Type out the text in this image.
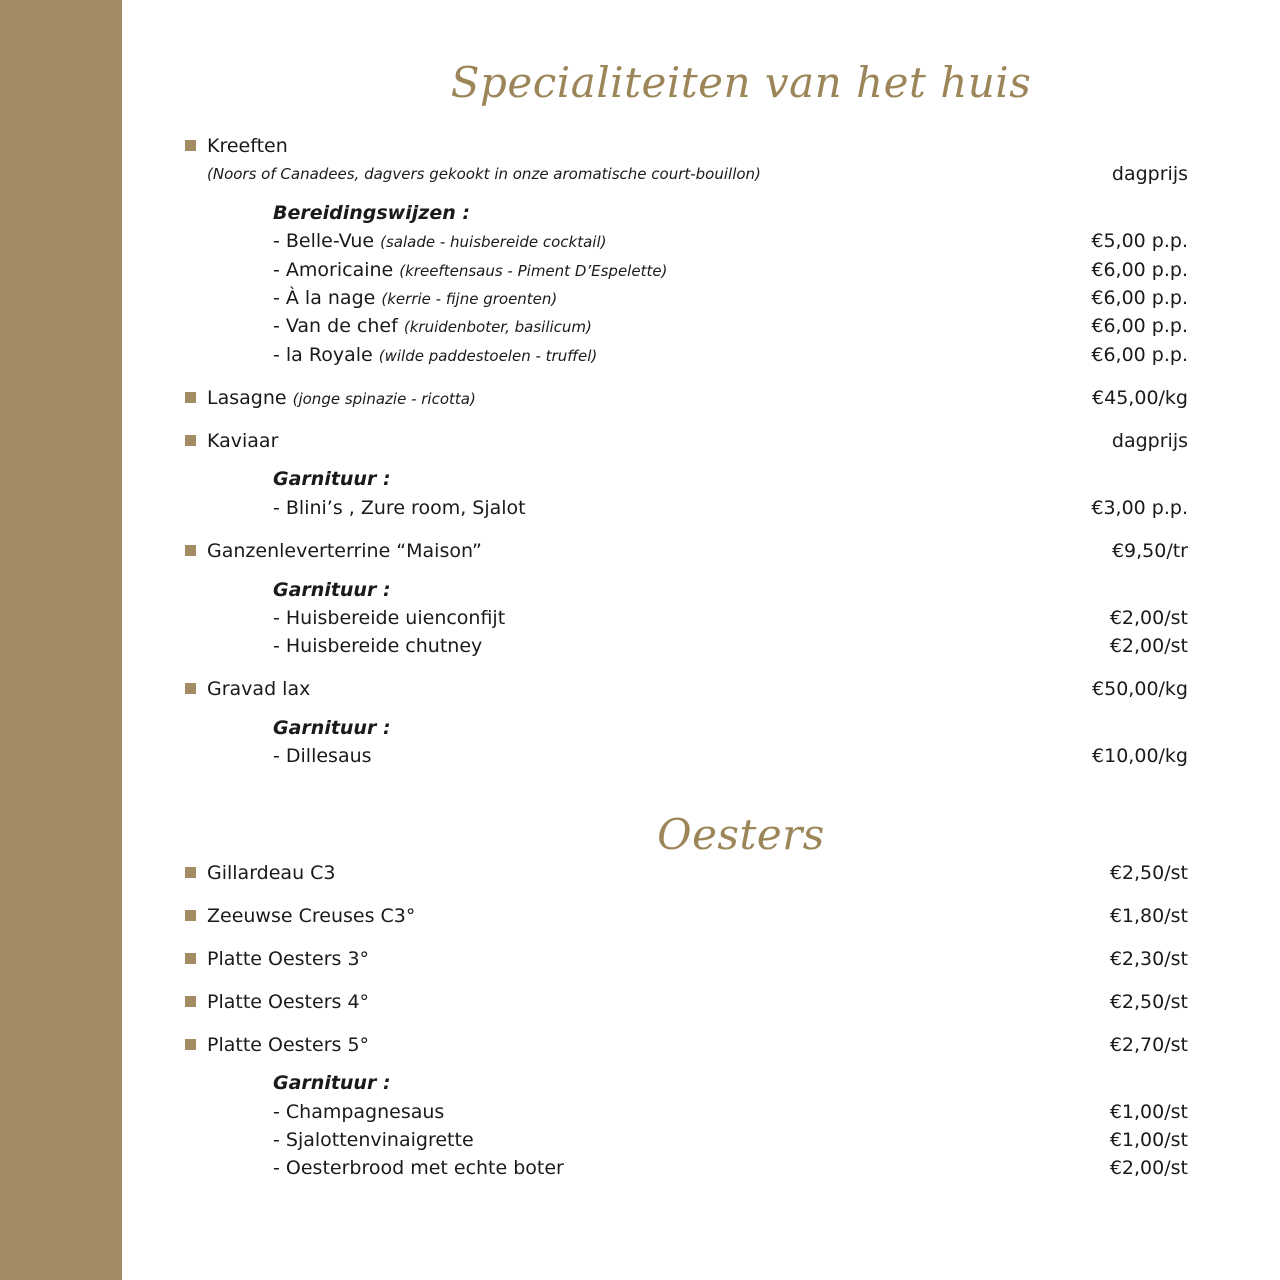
Specialiteiten van het huis
Kreeften
(Noors of Canadees, dagvers gekookt in onze aromatische court-bouillon)	dagprijs
Bereidingswijzen :
- Belle-Vue (salade - huisbereide cocktail)	€5,00 p.p.
- Amoricaine (kreeftensaus - Piment D’Espelette)	€6,00 p.p.
- À la nage (kerrie - fijne groenten)	€6,00 p.p.
- Van de chef (kruidenboter, basilicum)	€6,00 p.p.
- la Royale (wilde paddestoelen - truffel)	€6,00 p.p.
Lasagne (jonge spinazie - ricotta)	€45,00/kg
Kaviaar	dagprijs
Garnituur :
- Blini’s , Zure room, Sjalot	€3,00 p.p.
Ganzenleverterrine “Maison”	€9,50/tr
Garnituur :
- Huisbereide uienconfijt	€2,00/st
- Huisbereide chutney	€2,00/st
Gravad lax	€50,00/kg
Garnituur :
- Dillesaus	€10,00/kg
Oesters
Gillardeau C3	€2,50/st
Zeeuwse Creuses C3°	€1,80/st
Platte Oesters 3°	€2,30/st
Platte Oesters 4°	€2,50/st
Platte Oesters 5°	€2,70/st
Garnituur :
- Champagnesaus	€1,00/st
- Sjalottenvinaigrette	€1,00/st
- Oesterbrood met echte boter	€2,00/st
